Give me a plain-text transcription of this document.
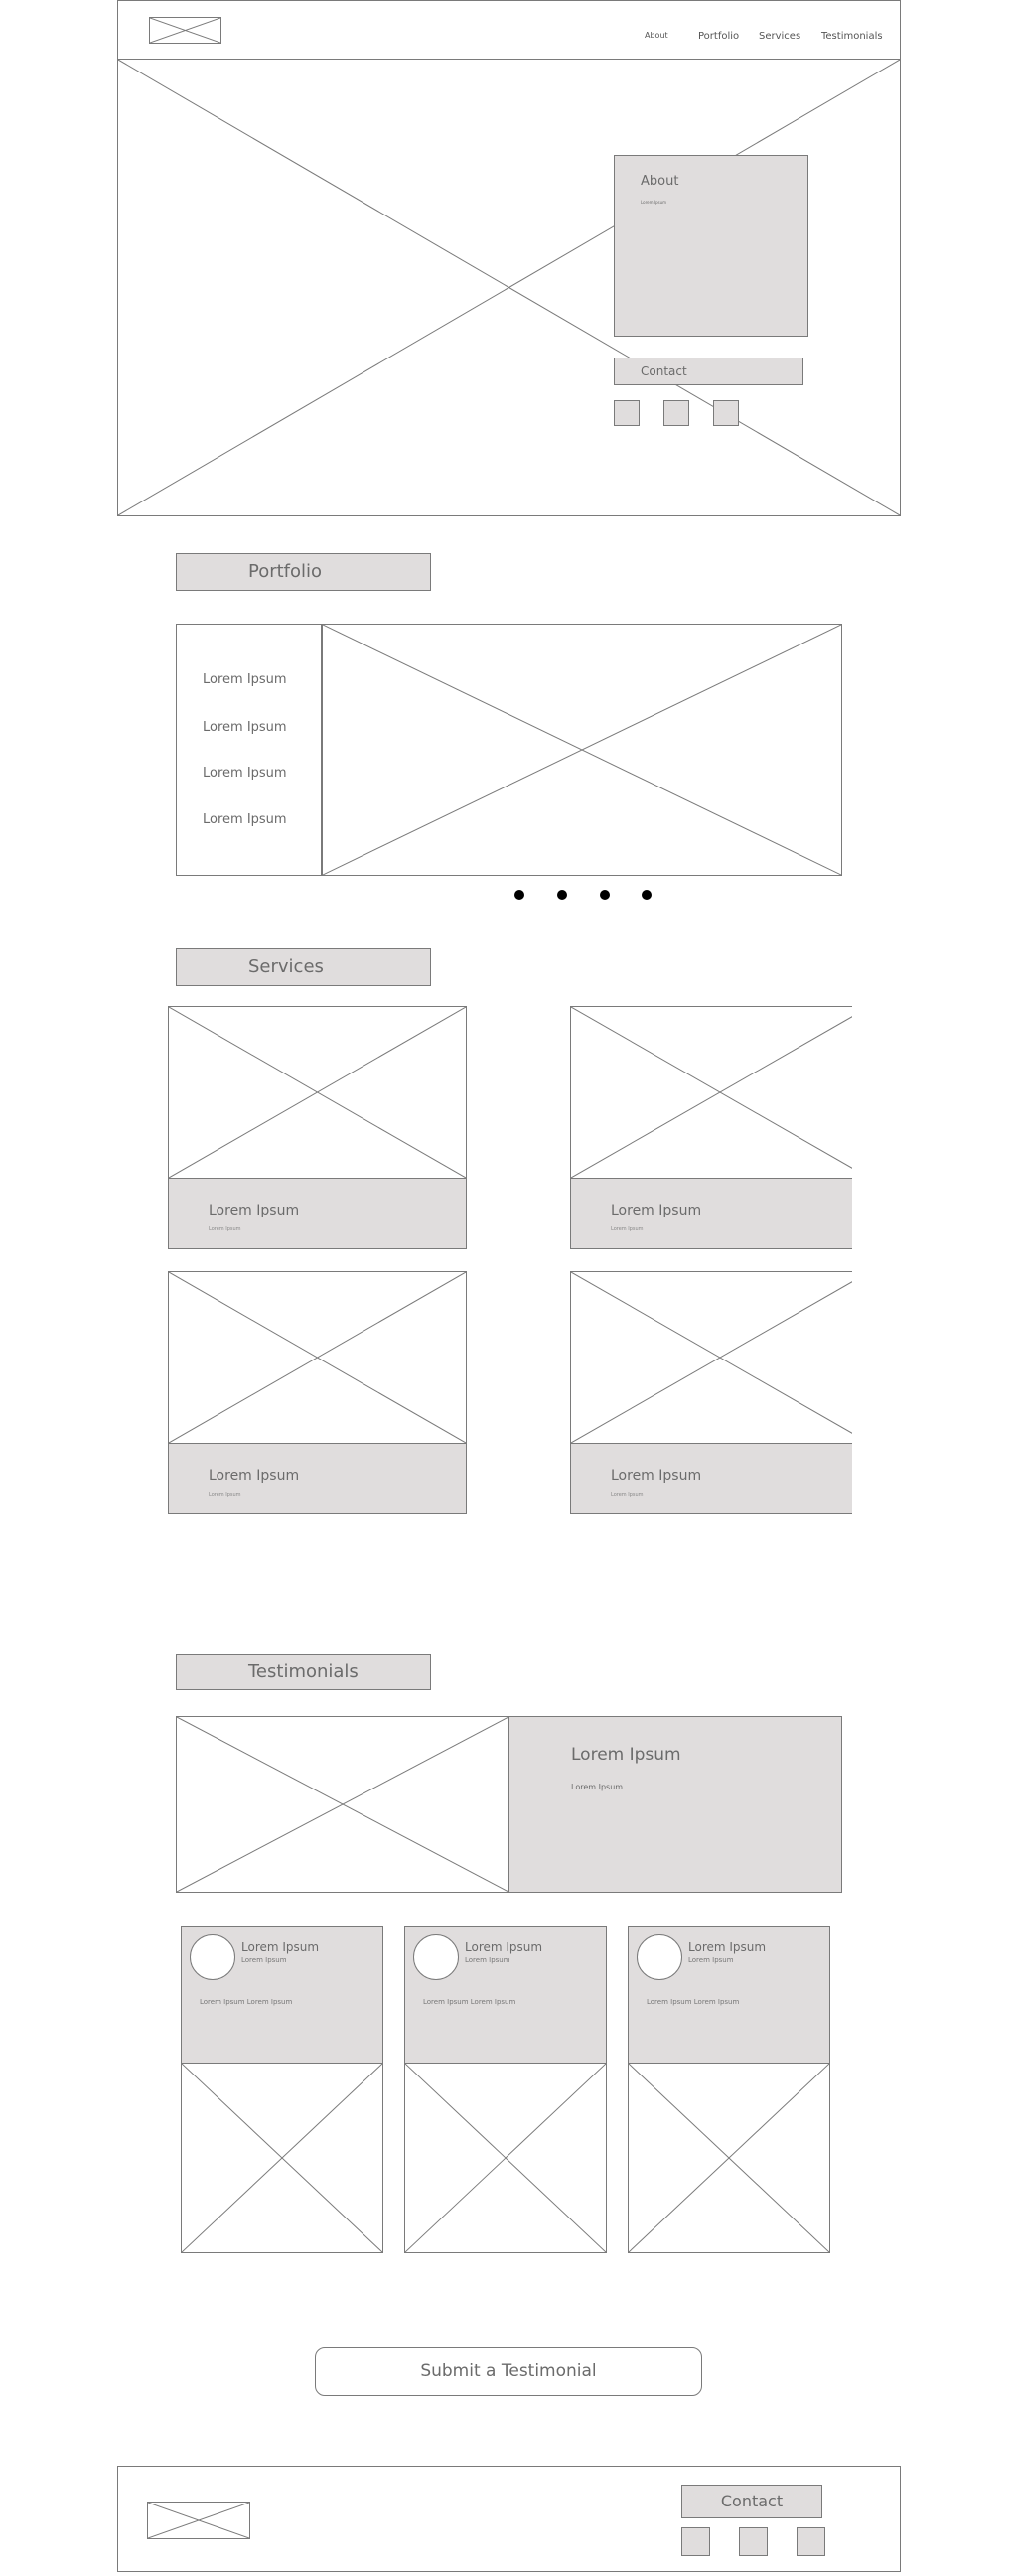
About	Portfolio Services Testimonials
About
Lorem Ipsum
Contact
Portfolio
Lorem Ipsum
Lorem Ipsum
Lorem Ipsum
Lorem Ipsum
Services
Lorem Ipsum
Lorem Ipsum
Lorem Ipsum
Lorem Ipsum
Lorem Ipsum
Lorem Ipsum
Lorem Ipsum
Lorem Ipsum
Testimonials
Lorem Ipsum
Lorem Ipsum
Lorem Ipsum
Lorem Ipsum
Lorem Ipsum Lorem Ipsum
Lorem Ipsum
Lorem Ipsum
Lorem Ipsum Lorem Ipsum
Lorem Ipsum
Lorem Ipsum
Lorem Ipsum Lorem Ipsum
Submit a Testimonial
Contact
